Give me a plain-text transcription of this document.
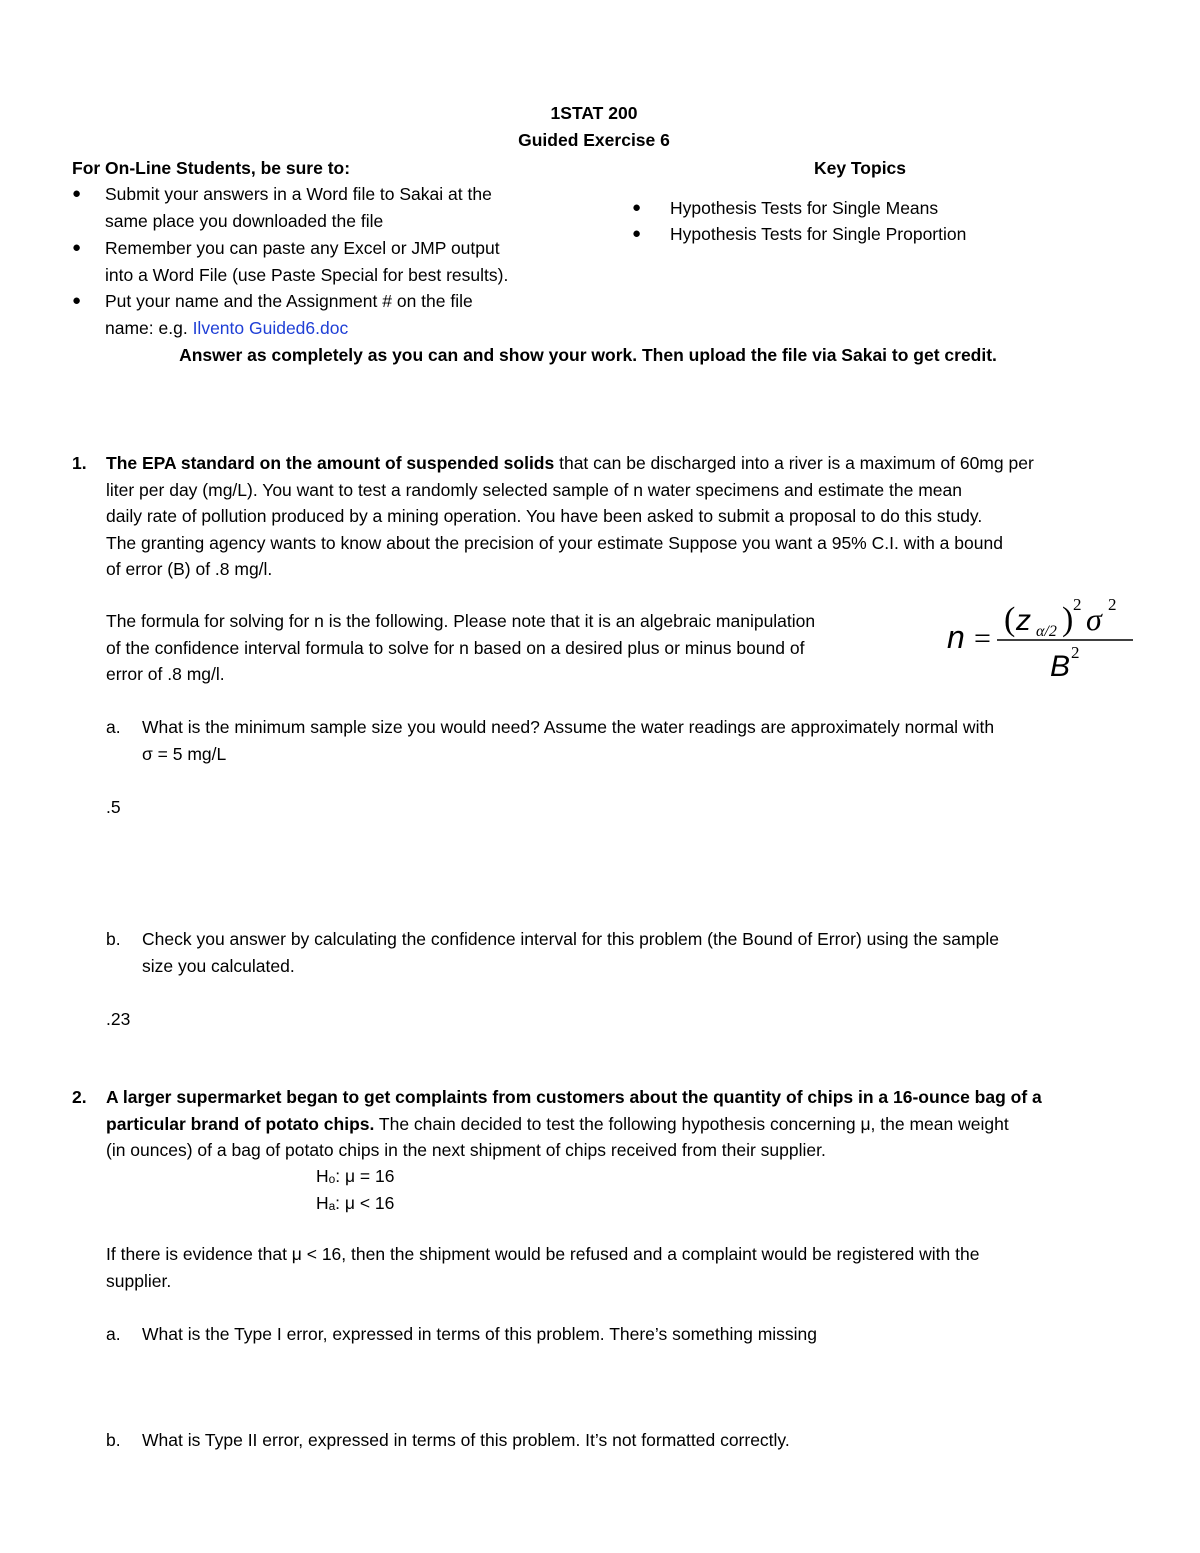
1STAT 200
Guided Exercise 6
For On-Line Students, be sure to:
● Submit your answers in a Word file to Sakai at the
same place you downloaded the file
● Remember you can paste any Excel or JMP output
into a Word File (use Paste Special for best results).
● Put your name and the Assignment # on the file
name: e.g. Ilvento Guided6.doc
Key Topics
● Hypothesis Tests for Single Means
● Hypothesis Tests for Single Proportion
Answer as completely as you can and show your work. Then upload the file via Sakai to get credit.
1. The EPA standard on the amount of suspended solids that can be discharged into a river is a maximum of 60mg per
liter per day (mg/L). You want to test a randomly selected sample of n water specimens and estimate the mean
daily rate of pollution produced by a mining operation. You have been asked to submit a proposal to do this study.
The granting agency wants to know about the precision of your estimate Suppose you want a 95% C.I. with a bound
of error (B) of .8 mg/l.
The formula for solving for n is the following. Please note that it is an algebraic manipulation
of the confidence interval formula to solve for n based on a desired plus or minus bound of
error of .8 mg/l.
n =
( z α/2 ) 2 σ 2
B 2
a. What is the minimum sample size you would need? Assume the water readings are approximately normal with
σ = 5 mg/L
.5
b. Check you answer by calculating the confidence interval for this problem (the Bound of Error) using the sample
size you calculated.
.23
2. A larger supermarket began to get complaints from customers about the quantity of chips in a 16-ounce bag of a
particular brand of potato chips. The chain decided to test the following hypothesis concerning μ, the mean weight
(in ounces) of a bag of potato chips in the next shipment of chips received from their supplier.
Hₒ: μ = 16
Hₐ: μ < 16
If there is evidence that μ < 16, then the shipment would be refused and a complaint would be registered with the
supplier.
a. What is the Type I error, expressed in terms of this problem. There’s something missing
b. What is Type II error, expressed in terms of this problem. It’s not formatted correctly.
